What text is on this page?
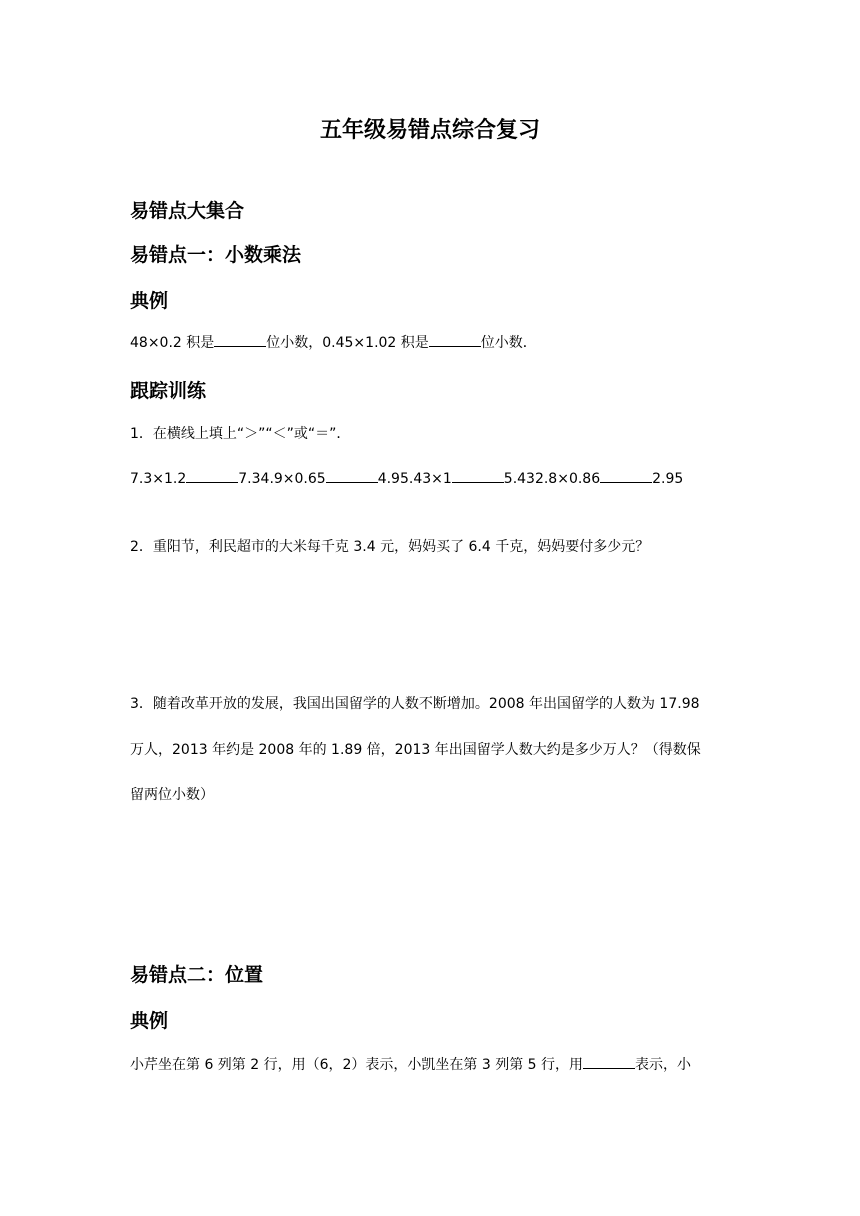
五年级易错点综合复习
易错点大集合
易错点一：小数乘法
典例
48×0.2 积是	位小数，0.45×1.02 积是	位小数．
跟踪训练
1．在横线上填上“＞”“＜”或“＝”．
7.3×1.2	7.34.9×0.65	4.95.43×1	5.432.8×0.86	2.95
2．重阳节，利民超市的大米每千克 3.4 元，妈妈买了 6.4 千克，妈妈要付多少元？
3．随着改革开放的发展，我国出国留学的人数不断增加。2008 年出国留学的人数为 17.98
万人，2013 年约是 2008 年的 1.89 倍，2013 年出国留学人数大约是多少万人？（得数保
留两位小数）
易错点二：位置
典例
小芹坐在第 6 列第 2 行，用（6，2）表示，小凯坐在第 3 列第 5 行，用	表示，小
